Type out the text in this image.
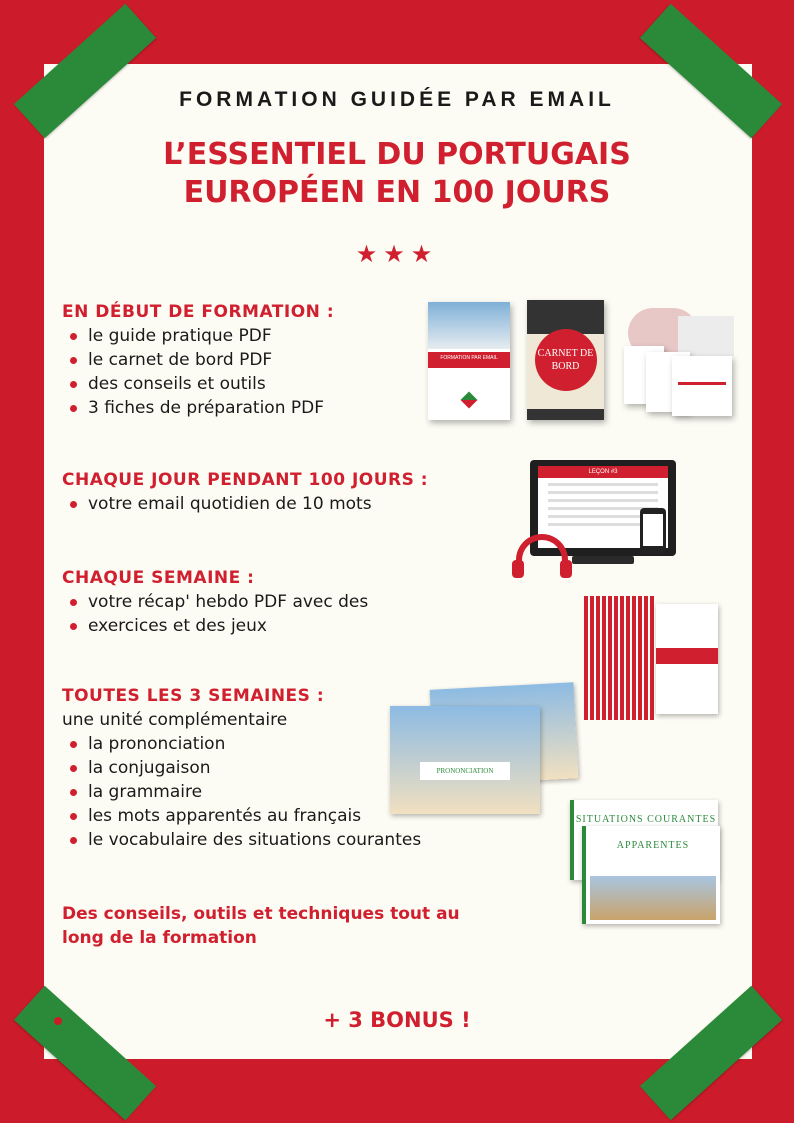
FORMATION GUIDÉE PAR EMAIL
L’ESSENTIEL DU PORTUGAIS
EUROPÉEN EN 100 JOURS
★★★
EN DÉBUT DE FORMATION :
le guide pratique PDF
le carnet de bord PDF
des conseils et outils
3 fiches de préparation PDF
CHAQUE JOUR PENDANT 100 JOURS :
votre email quotidien de 10 mots
CHAQUE SEMAINE :
votre récap' hebdo PDF avec des
exercices et des jeux
TOUTES LES 3 SEMAINES :
une unité complémentaire
la prononciation
la conjugaison
la grammaire
les mots apparentés au français
le vocabulaire des situations courantes
Des conseils, outils et techniques tout au long de la formation
+ 3 BONUS !
FORMATION PAR EMAIL	CARNET DE BORD
LEÇON #3
PRONONCIATION
SITUATIONS COURANTES
APPARENTES
